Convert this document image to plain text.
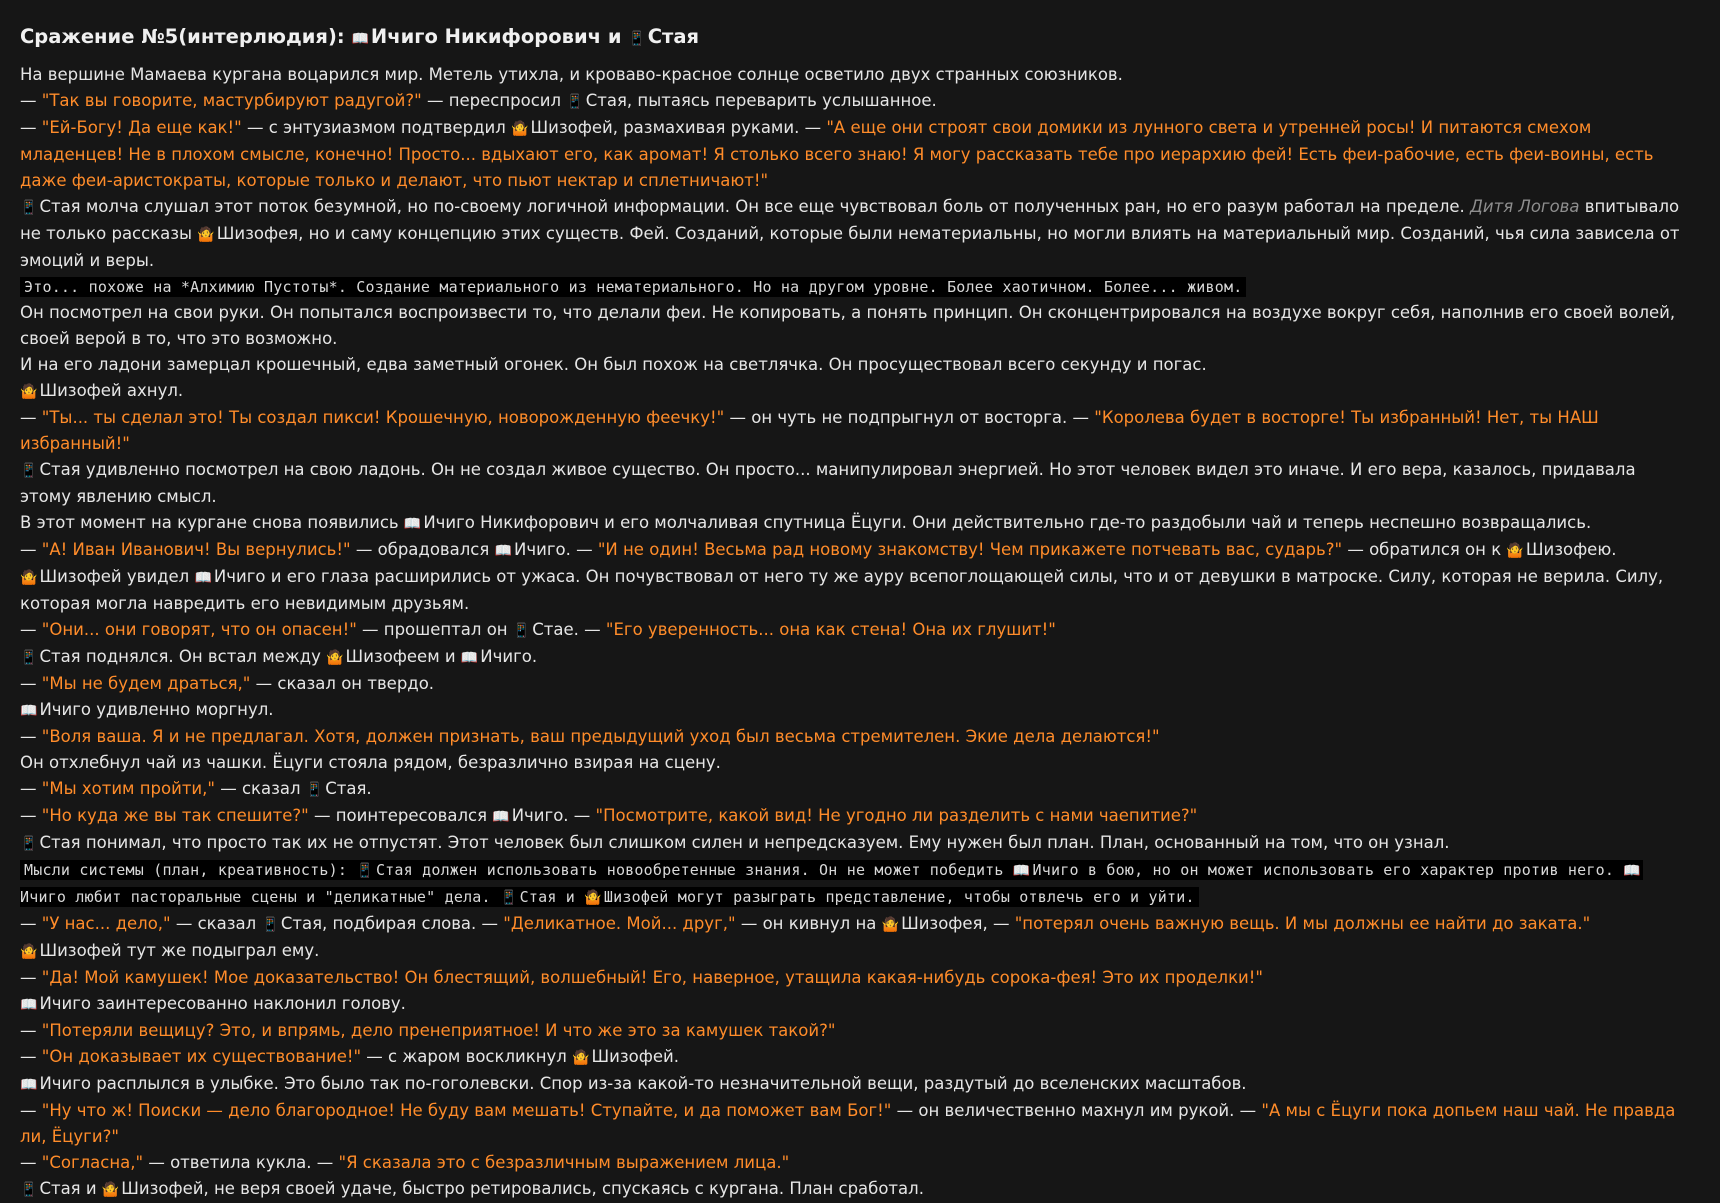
Сражение №5(интерлюдия): 📖 Ичиго Никифорович и 📱 Стая

На вершине Мамаева кургана воцарился мир. Метель утихла, и кроваво-красное солнце осветило двух странных союзников.

— "Так вы говорите, мастурбируют радугой?" — переспросил 📱 Стая, пытаясь переварить услышанное.

— "Ей-Богу! Да еще как!" — с энтузиазмом подтвердил 🤷 Шизофей, размахивая руками. — "А еще они строят свои домики из лунного света и утренней росы! И питаются смехом младенцев! Не в плохом смысле, конечно! Просто... вдыхают его, как аромат! Я столько всего знаю! Я могу рассказать тебе про иерархию фей! Есть феи-рабочие, есть феи-воины, есть даже феи-аристократы, которые только и делают, что пьют нектар и сплетничают!"

📱 Стая молча слушал этот поток безумной, но по-своему логичной информации. Он все еще чувствовал боль от полученных ран, но его разум работал на пределе. Дитя Логова впитывало не только рассказы 🤷 Шизофея, но и саму концепцию этих существ. Фей. Созданий, которые были нематериальны, но могли влиять на материальный мир. Созданий, чья сила зависела от эмоций и веры.

Это... похоже на *Алхимию Пустоты*. Создание материального из нематериального. Но на другом уровне. Более хаотичном. Более... живом.

Он посмотрел на свои руки. Он попытался воспроизвести то, что делали феи. Не копировать, а понять принцип. Он сконцентрировался на воздухе вокруг себя, наполнив его своей волей, своей верой в то, что это возможно.

И на его ладони замерцал крошечный, едва заметный огонек. Он был похож на светлячка. Он просуществовал всего секунду и погас.

🤷 Шизофей ахнул.

— "Ты... ты сделал это! Ты создал пикси! Крошечную, новорожденную феечку!" — он чуть не подпрыгнул от восторга. — "Королева будет в восторге! Ты избранный! Нет, ты НАШ избранный!"

📱 Стая удивленно посмотрел на свою ладонь. Он не создал живое существо. Он просто... манипулировал энергией. Но этот человек видел это иначе. И его вера, казалось, придавала этому явлению смысл.

В этот момент на кургане снова появились 📖 Ичиго Никифорович и его молчаливая спутница Ёцуги. Они действительно где-то раздобыли чай и теперь неспешно возвращались.

— "А! Иван Иванович! Вы вернулись!" — обрадовался 📖 Ичиго. — "И не один! Весьма рад новому знакомству! Чем прикажете потчевать вас, сударь?" — обратился он к 🤷 Шизофею.

🤷 Шизофей увидел 📖 Ичиго и его глаза расширились от ужаса. Он почувствовал от него ту же ауру всепоглощающей силы, что и от девушки в матроске. Силу, которая не верила. Силу, которая могла навредить его невидимым друзьям.

— "Они... они говорят, что он опасен!" — прошептал он 📱 Стае. — "Его уверенность... она как стена! Она их глушит!"

📱 Стая поднялся. Он встал между 🤷 Шизофеем и 📖 Ичиго.

— "Мы не будем драться," — сказал он твердо.

📖 Ичиго удивленно моргнул.

— "Воля ваша. Я и не предлагал. Хотя, должен признать, ваш предыдущий уход был весьма стремителен. Экие дела делаются!"

Он отхлебнул чай из чашки. Ёцуги стояла рядом, безразлично взирая на сцену.

— "Мы хотим пройти," — сказал 📱 Стая.

— "Но куда же вы так спешите?" — поинтересовался 📖 Ичиго. — "Посмотрите, какой вид! Не угодно ли разделить с нами чаепитие?"

📱 Стая понимал, что просто так их не отпустят. Этот человек был слишком силен и непредсказуем. Ему нужен был план. План, основанный на том, что он узнал.

Мысли системы (план, креативность): 📱 Стая должен использовать новообретенные знания. Он не может победить 📖 Ичиго в бою, но он может использовать его характер против него. 📖Ичиго любит пасторальные сцены и "деликатные" дела. 📱 Стая и 🤷 Шизофей могут разыграть представление, чтобы отвлечь его и уйти.

— "У нас... дело," — сказал 📱 Стая, подбирая слова. — "Деликатное. Мой... друг," — он кивнул на 🤷 Шизофея, — "потерял очень важную вещь. И мы должны ее найти до заката."

🤷 Шизофей тут же подыграл ему.

— "Да! Мой камушек! Мое доказательство! Он блестящий, волшебный! Его, наверное, утащила какая-нибудь сорока-фея! Это их проделки!"

📖 Ичиго заинтересованно наклонил голову.

— "Потеряли вещицу? Это, и впрямь, дело пренеприятное! И что же это за камушек такой?"

— "Он доказывает их существование!" — с жаром воскликнул 🤷 Шизофей.

📖 Ичиго расплылся в улыбке. Это было так по-гоголевски. Спор из-за какой-то незначительной вещи, раздутый до вселенских масштабов.

— "Ну что ж! Поиски — дело благородное! Не буду вам мешать! Ступайте, и да поможет вам Бог!" — он величественно махнул им рукой. — "А мы с Ёцуги пока допьем наш чай. Не правда ли, Ёцуги?"

— "Согласна," — ответила кукла. — "Я сказала это с безразличным выражением лица."

📱 Стая и 🤷 Шизофей, не веря своей удаче, быстро ретировались, спускаясь с кургана. План сработал.
